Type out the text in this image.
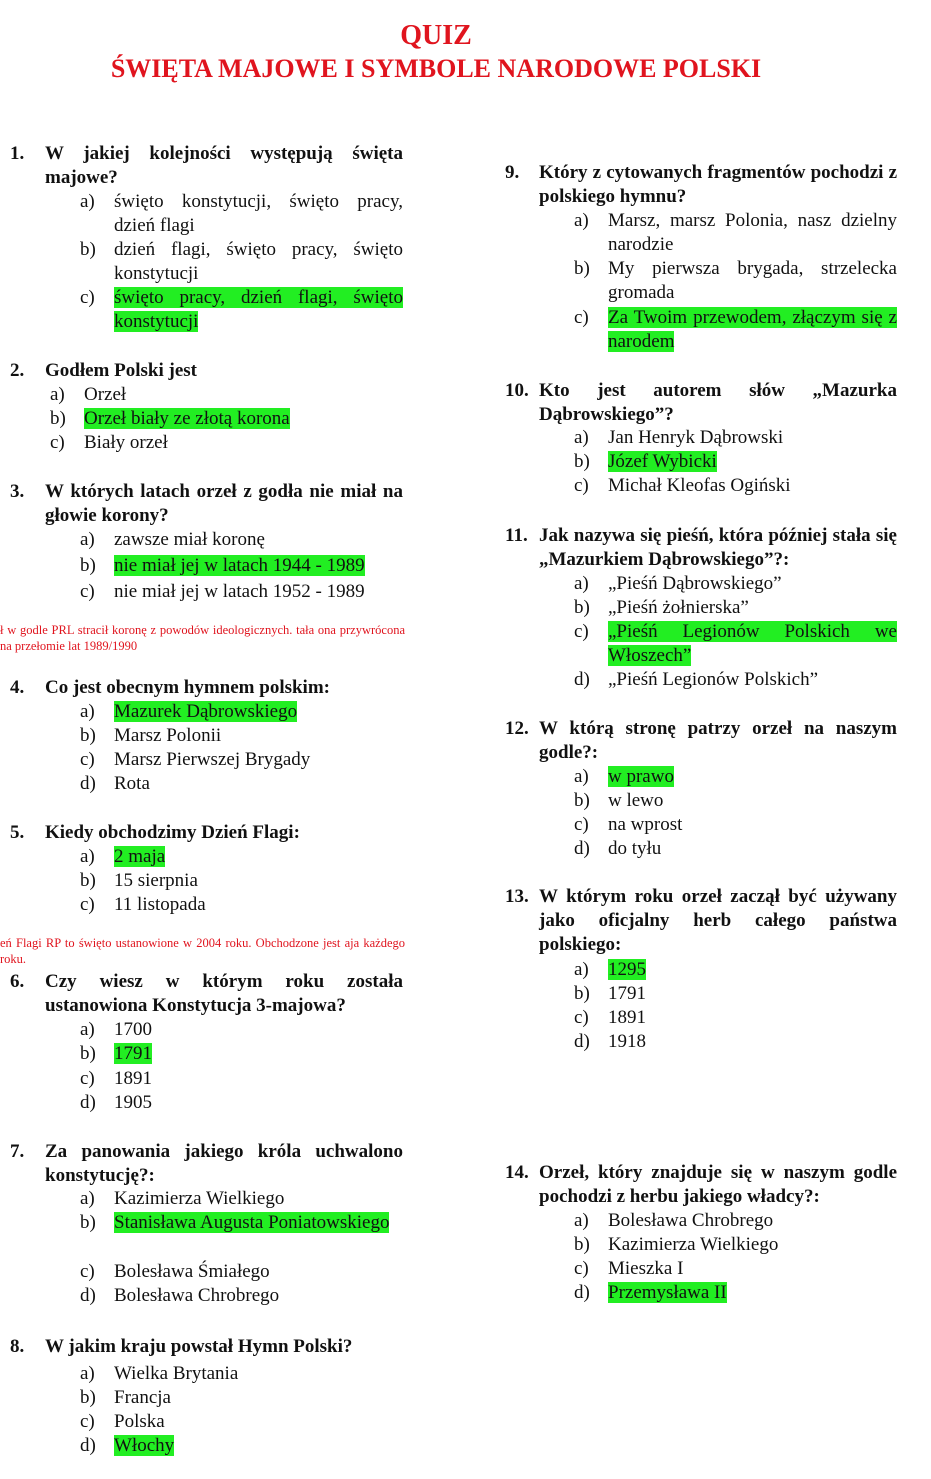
QUIZ
ŚWIĘTA MAJOWE I SYMBOLE NARODOWE POLSKI
1. W jakiej kolejności występują święta majowe?
a) święto konstytucji, święto pracy, dzień flagi
b) dzień flagi, święto pracy, święto konstytucji
c) święto pracy, dzień flagi, święto konstytucji
2. Godłem Polski jest
a) Orzeł
b) Orzeł biały ze złotą korona
c) Biały orzeł
3. W których latach orzeł z godła nie miał na głowie korony?
a) zawsze miał koronę
b) nie miał jej w latach 1944 - 1989
c) nie miał jej w latach 1952 - 1989
ł w godle PRL stracił koronę z powodów ideologicznych. tała ona przywrócona na przełomie lat 1989/1990
4. Co jest obecnym hymnem polskim:
a) Mazurek Dąbrowskiego
b) Marsz Polonii
c) Marsz Pierwszej Brygady
d) Rota
5. Kiedy obchodzimy Dzień Flagi:
a) 2 maja
b) 15 sierpnia
c) 11 listopada
eń Flagi RP to święto ustanowione w 2004 roku. Obchodzone jest aja każdego roku.
6. Czy wiesz w którym roku została ustanowiona Konstytucja 3-majowa?
a) 1700
b) 1791
c) 1891
d) 1905
7. Za panowania jakiego króla uchwalono konstytucję?:
a) Kazimierza Wielkiego
b) Stanisława Augusta Poniatowskiego
c) Bolesława Śmiałego
d) Bolesława Chrobrego
8. W jakim kraju powstał Hymn Polski?
a) Wielka Brytania
b) Francja
c) Polska
d) Włochy
9. Który z cytowanych fragmentów pochodzi z polskiego hymnu?
a) Marsz, marsz Polonia, nasz dzielny narodzie
b) My pierwsza brygada, strzelecka gromada
c) Za Twoim przewodem, złączym się z narodem
10. Kto jest autorem słów „Mazurka Dąbrowskiego”?
a) Jan Henryk Dąbrowski
b) Józef Wybicki
c) Michał Kleofas Ogiński
11. Jak nazywa się pieśń, która później stała się „Mazurkiem Dąbrowskiego”?:
a) „Pieśń Dąbrowskiego”
b) „Pieśń żołnierska”
c) „Pieśń Legionów Polskich we Włoszech”
d) „Pieśń Legionów Polskich”
12. W którą stronę patrzy orzeł na naszym godle?:
a) w prawo
b) w lewo
c) na wprost
d) do tyłu
13. W którym roku orzeł zaczął być używany jako oficjalny herb całego państwa polskiego:
a) 1295
b) 1791
c) 1891
d) 1918
14. Orzeł, który znajduje się w naszym godle pochodzi z herbu jakiego władcy?:
a) Bolesława Chrobrego
b) Kazimierza Wielkiego
c) Mieszka I
d) Przemysława II
